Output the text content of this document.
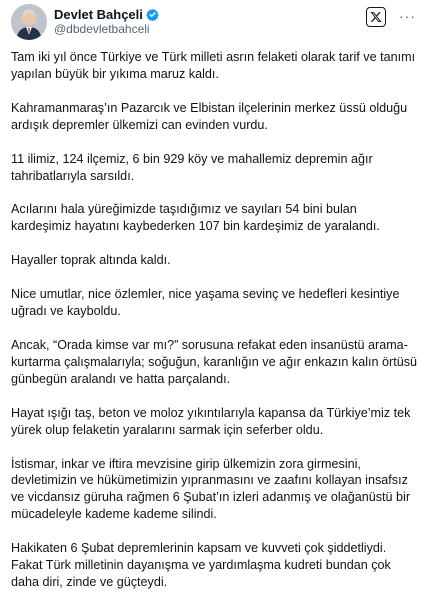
Devlet Bahçeli
@dbdevletbahceli
···

Tam iki yıl önce Türkiye ve Türk milleti asrın felaketi olarak tarif ve tanımı yapılan büyük bir yıkıma maruz kaldı.

Kahramanmaraş’ın Pazarcık ve Elbistan ilçelerinin merkez üssü olduğu ardışık depremler ülkemizi can evinden vurdu.

11 ilimiz, 124 ilçemiz, 6 bin 929 köy ve mahallemiz depremin ağır tahribatlarıyla sarsıldı.

Acılarını hala yüreğimizde taşıdığımız ve sayıları 54 bini bulan kardeşimiz hayatını kaybederken 107 bin kardeşimiz de yaralandı.

Hayaller toprak altında kaldı.

Nice umutlar, nice özlemler, nice yaşama sevinç ve hedefleri kesintiye uğradı ve kayboldu.

Ancak, “Orada kimse var mı?” sorusuna refakat eden insanüstü arama-kurtarma çalışmalarıyla; soğuğun, karanlığın ve ağır enkazın kalın örtüsü günbegün aralandı ve hatta parçalandı.

Hayat ışığı taş, beton ve moloz yıkıntılarıyla kapansa da Türkiye’miz tek yürek olup felaketin yaralarını sarmak için seferber oldu.

İstismar, inkar ve iftira mevzisine girip ülkemizin zora girmesini, devletimizin ve hükümetimizin yıpranmasını ve zaafını kollayan insafsız ve vicdansız güruha rağmen 6 Şubat’ın izleri adanmış ve olağanüstü bir mücadeleyle kademe kademe silindi.

Hakikaten 6 Şubat depremlerinin kapsam ve kuvveti çok şiddetliydi. Fakat Türk milletinin dayanışma ve yardımlaşma kudreti bundan çok daha diri, zinde ve güçteydi.
